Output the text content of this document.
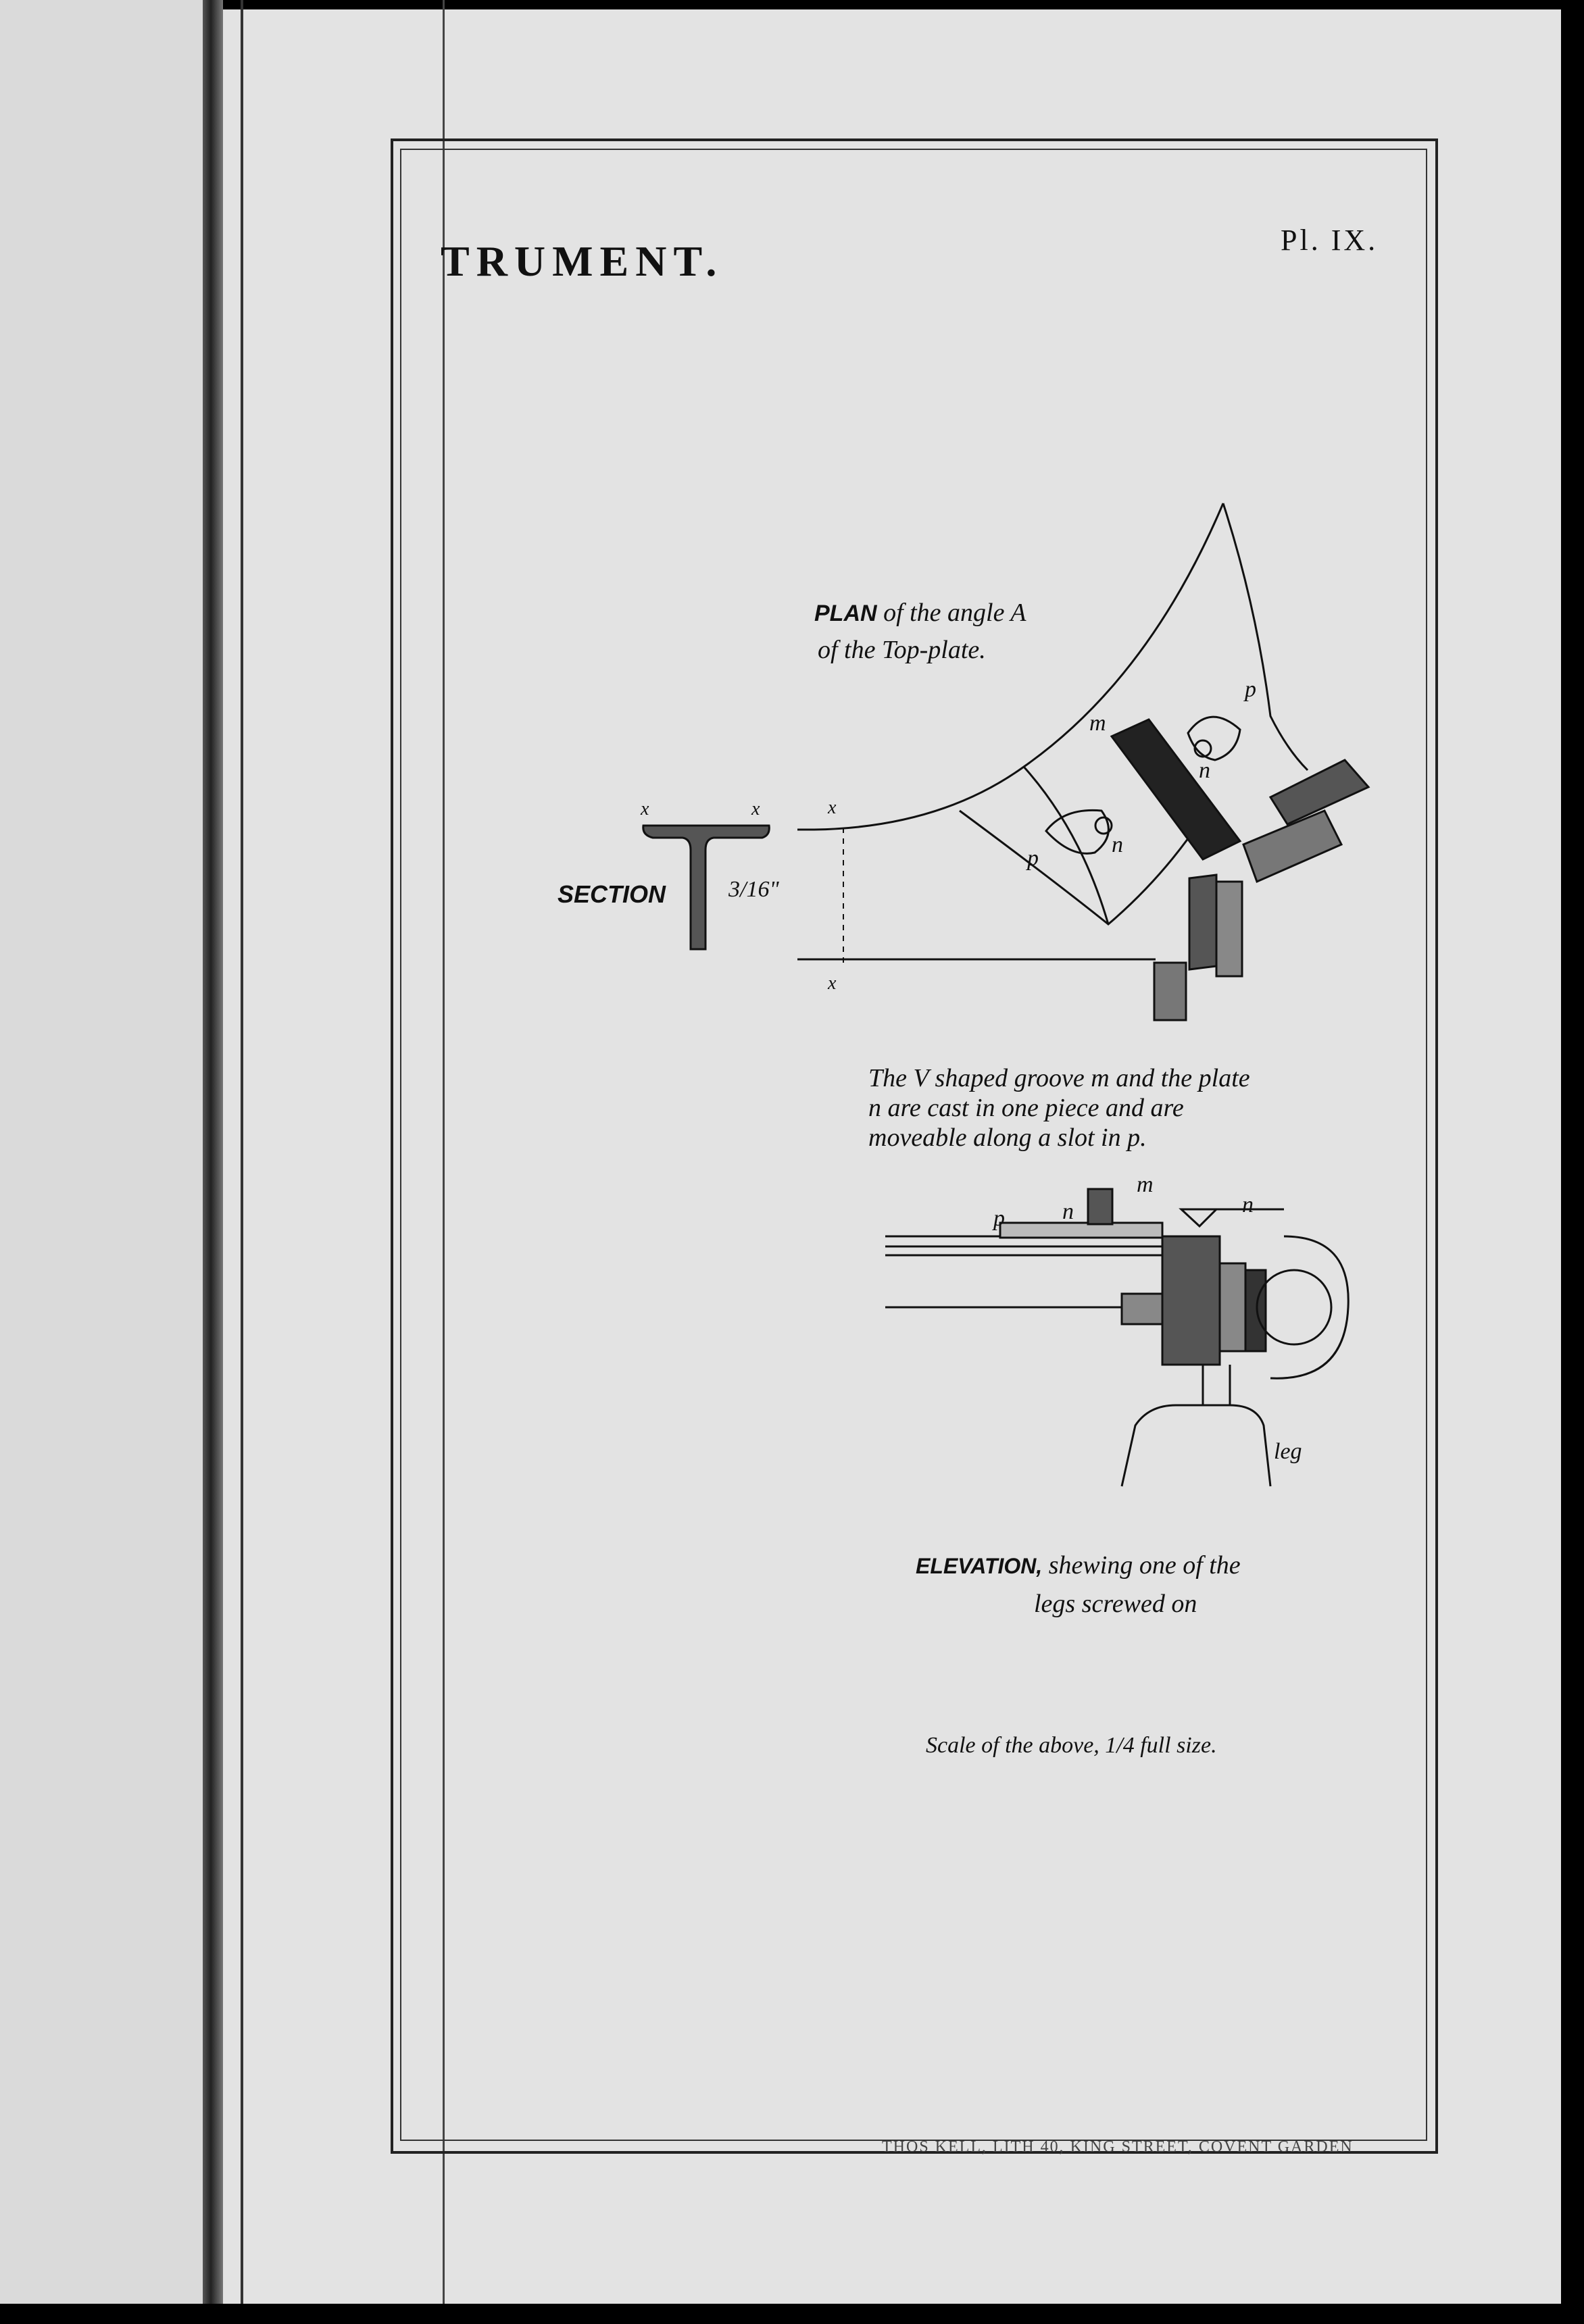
TRUMENT.	Pl. IX.
PLAN of the angle A
of the Top-plate.
SECTION	3/16"
m
p
n
n
p
x	x	x
x
The V shaped groove m and the plate
n are cast in one piece and are
moveable along a slot in p.
m
p	n	n
leg
ELEVATION, shewing one of the
legs screwed on
Scale of the above, 1/4 full size.
THOS KELL, LITH 40, KING STREET, COVENT GARDEN
